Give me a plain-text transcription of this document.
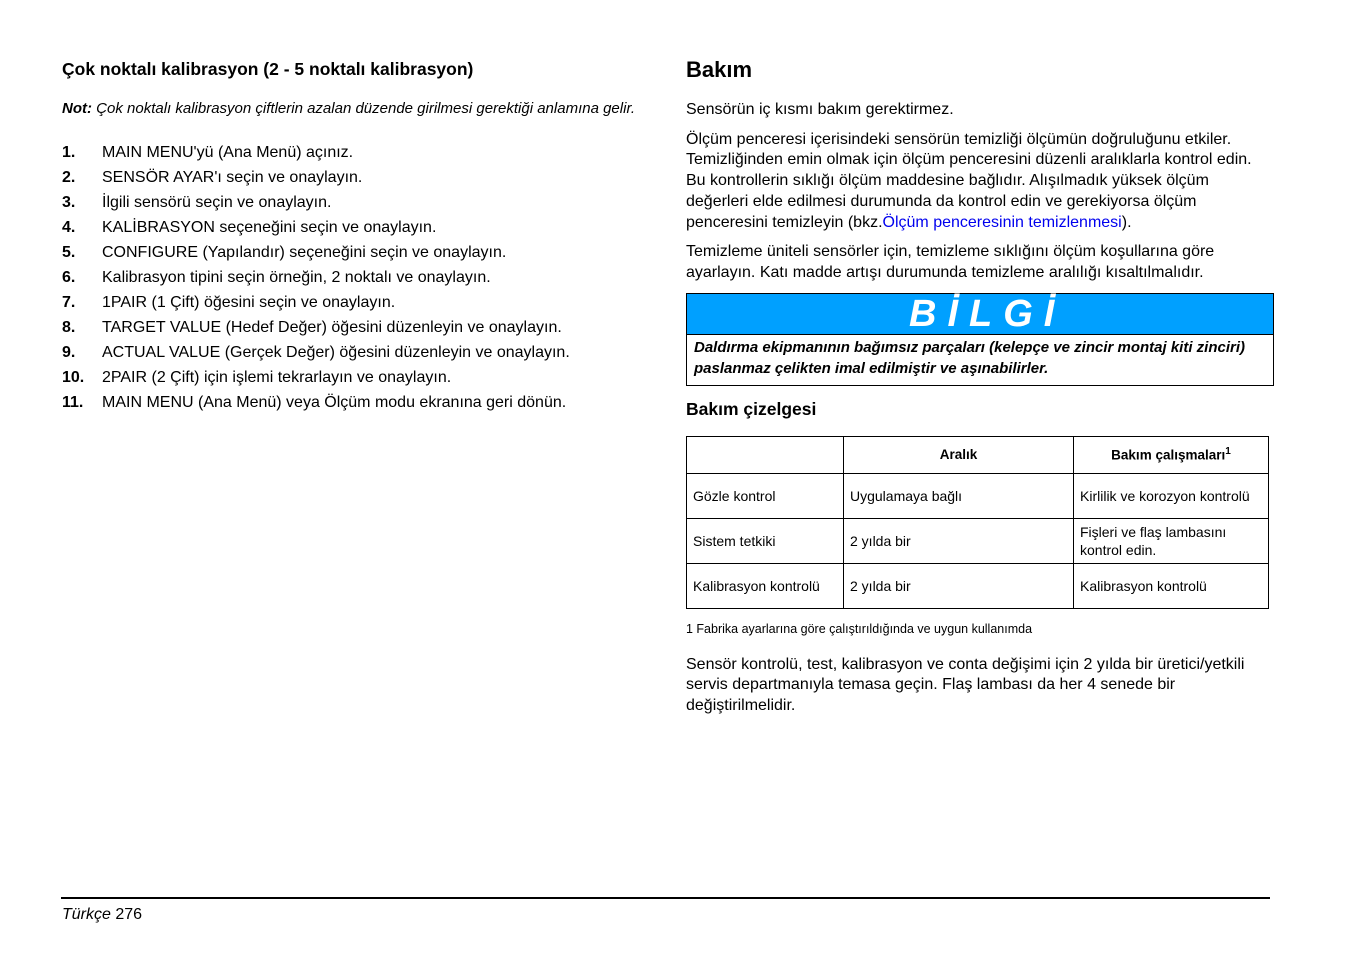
Çok noktalı kalibrasyon (2 - 5 noktalı kalibrasyon)

Not: Çok noktalı kalibrasyon çiftlerin azalan düzende girilmesi gerektiği anlamına gelir.

1.	MAIN MENU'yü (Ana Menü) açınız.
2.	SENSÖR AYAR'ı seçin ve onaylayın.
3.	İlgili sensörü seçin ve onaylayın.
4.	KALİBRASYON seçeneğini seçin ve onaylayın.
5.	CONFIGURE (Yapılandır) seçeneğini seçin ve onaylayın.
6.	Kalibrasyon tipini seçin örneğin, 2 noktalı ve onaylayın.
7.	1PAIR (1 Çift) öğesini seçin ve onaylayın.
8.	TARGET VALUE (Hedef Değer) öğesini düzenleyin ve onaylayın.
9.	ACTUAL VALUE (Gerçek Değer) öğesini düzenleyin ve onaylayın.
10.	2PAIR (2 Çift) için işlemi tekrarlayın ve onaylayın.
11.	MAIN MENU (Ana Menü) veya Ölçüm modu ekranına geri dönün.
Bakım

Sensörün iç kısmı bakım gerektirmez.

Ölçüm penceresi içerisindeki sensörün temizliği ölçümün doğruluğunu etkiler. Temizliğinden emin olmak için ölçüm penceresini düzenli aralıklarla kontrol edin. Bu kontrollerin sıklığı ölçüm maddesine bağlıdır. Alışılmadık yüksek ölçüm değerleri elde edilmesi durumunda da kontrol edin ve gerekiyorsa ölçüm penceresini temizleyin (bkz.Ölçüm penceresinin temizlenmesi).

Temizleme üniteli sensörler için, temizleme sıklığını ölçüm koşullarına göre ayarlayın. Katı madde artışı durumunda temizleme aralılığı kısaltılmalıdır.

BİLGİ
Daldırma ekipmanının bağımsız parçaları (kelepçe ve zincir montaj kiti zinciri) paslanmaz çelikten imal edilmiştir ve aşınabilirler.
Bakım çizelgesi
	Aralık	Bakım çalışmaları$^1$
Gözle kontrol	Uygulamaya bağlı	Kirlilik ve korozyon kontrolü
Sistem tetkiki	2 yılda bir	Fişleri ve flaş lambasını kontrol edin.
Kalibrasyon kontrolü	2 yılda bir	Kalibrasyon kontrolü

1 Fabrika ayarlarına göre çalıştırıldığında ve uygun kullanımda

Sensör kontrolü, test, kalibrasyon ve conta değişimi için 2 yılda bir üretici/yetkili servis departmanıyla temasa geçin. Flaş lambası da her 4 senede bir değiştirilmelidir.

Türkçe 276
